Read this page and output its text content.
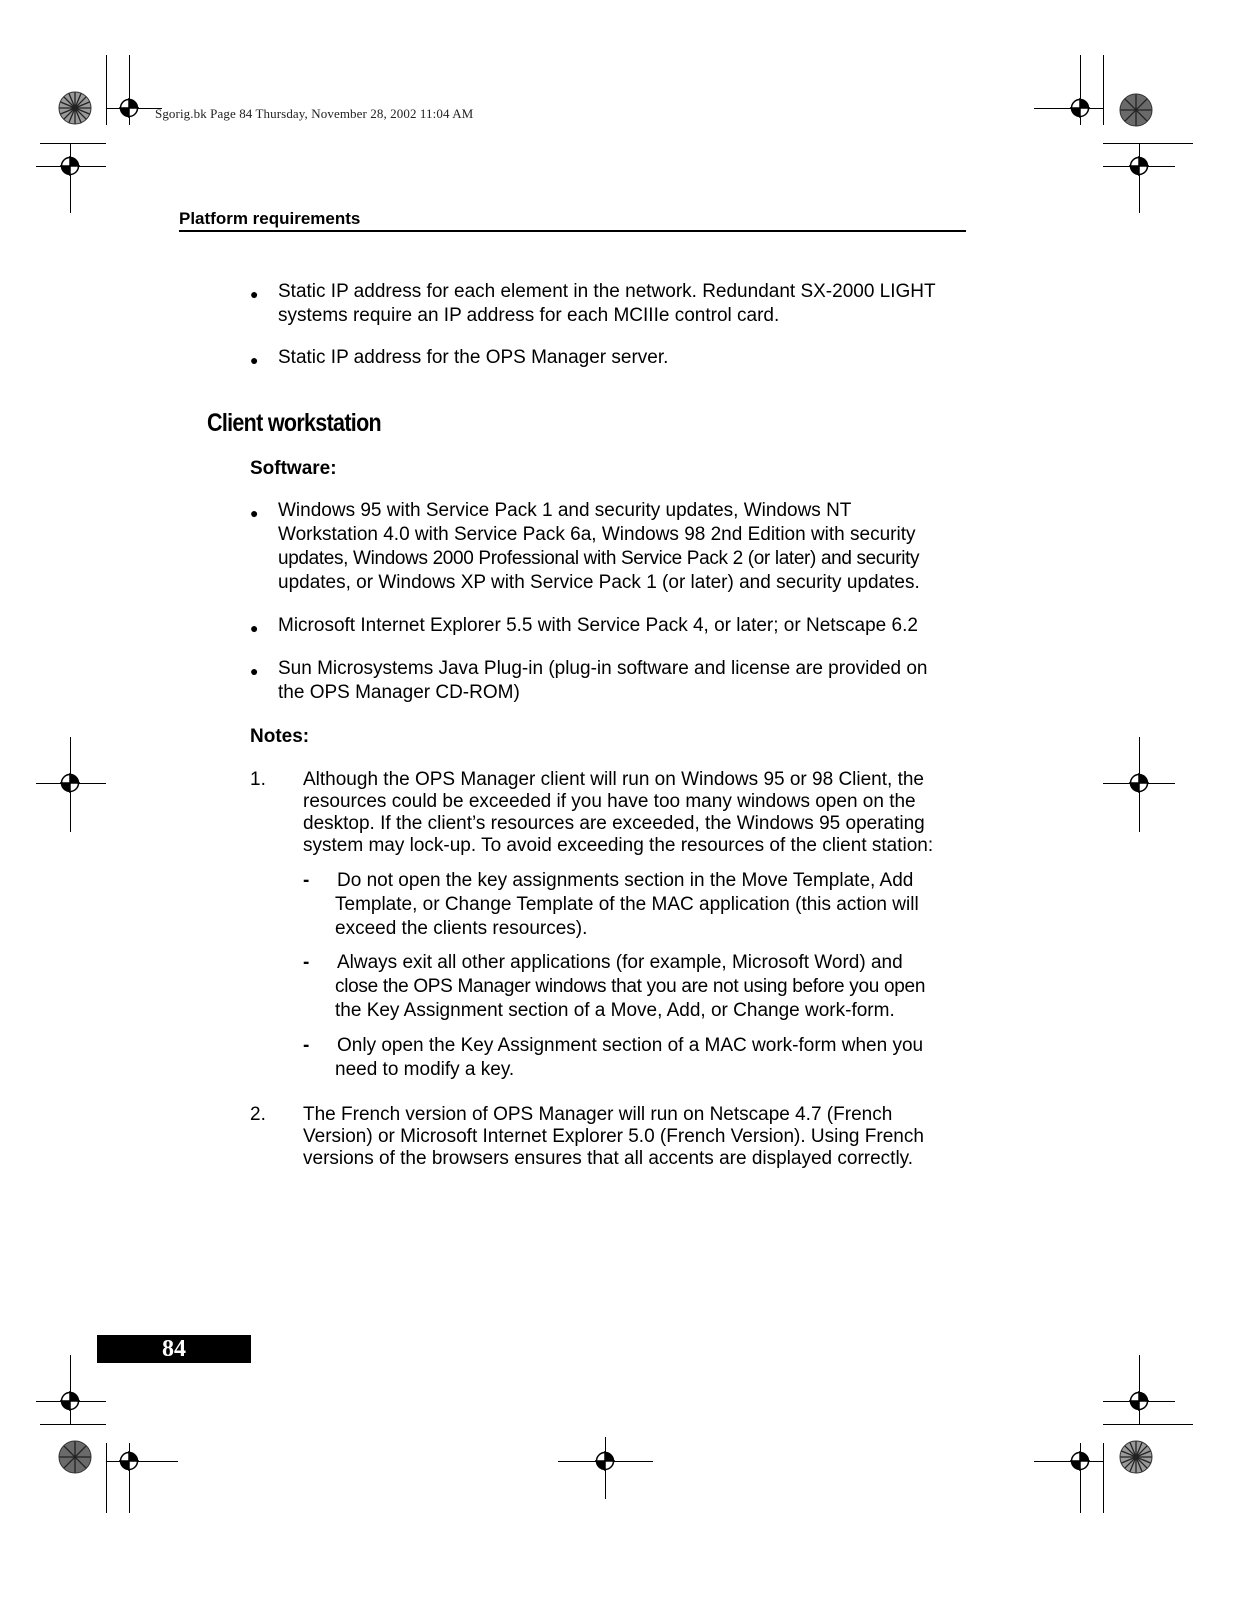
Sgorig.bk Page 84 Thursday, November 28, 2002 11:04 AM
Platform requirements
● Static IP address for each element in the network. Redundant SX-2000 LIGHT
systems require an IP address for each MCIIIe control card.
● Static IP address for the OPS Manager server.
Client workstation
Software:
● Windows 95 with Service Pack 1 and security updates, Windows NT
Workstation 4.0 with Service Pack 6a, Windows 98 2nd Edition with security
updates, Windows 2000 Professional with Service Pack 2 (or later) and security
updates, or Windows XP with Service Pack 1 (or later) and security updates.
● Microsoft Internet Explorer 5.5 with Service Pack 4, or later; or Netscape 6.2
● Sun Microsystems Java Plug-in (plug-in software and license are provided on
the OPS Manager CD-ROM)
Notes:
1. Although the OPS Manager client will run on Windows 95 or 98 Client, the
resources could be exceeded if you have too many windows open on the
desktop. If the client’s resources are exceeded, the Windows 95 operating
system may lock-up. To avoid exceeding the resources of the client station:
- Do not open the key assignments section in the Move Template, Add
Template, or Change Template of the MAC application (this action will
exceed the clients resources).
- Always exit all other applications (for example, Microsoft Word) and
close the OPS Manager windows that you are not using before you open
the Key Assignment section of a Move, Add, or Change work-form.
- Only open the Key Assignment section of a MAC work-form when you
need to modify a key.
2. The French version of OPS Manager will run on Netscape 4.7 (French
Version) or Microsoft Internet Explorer 5.0 (French Version). Using French
versions of the browsers ensures that all accents are displayed correctly.
84
